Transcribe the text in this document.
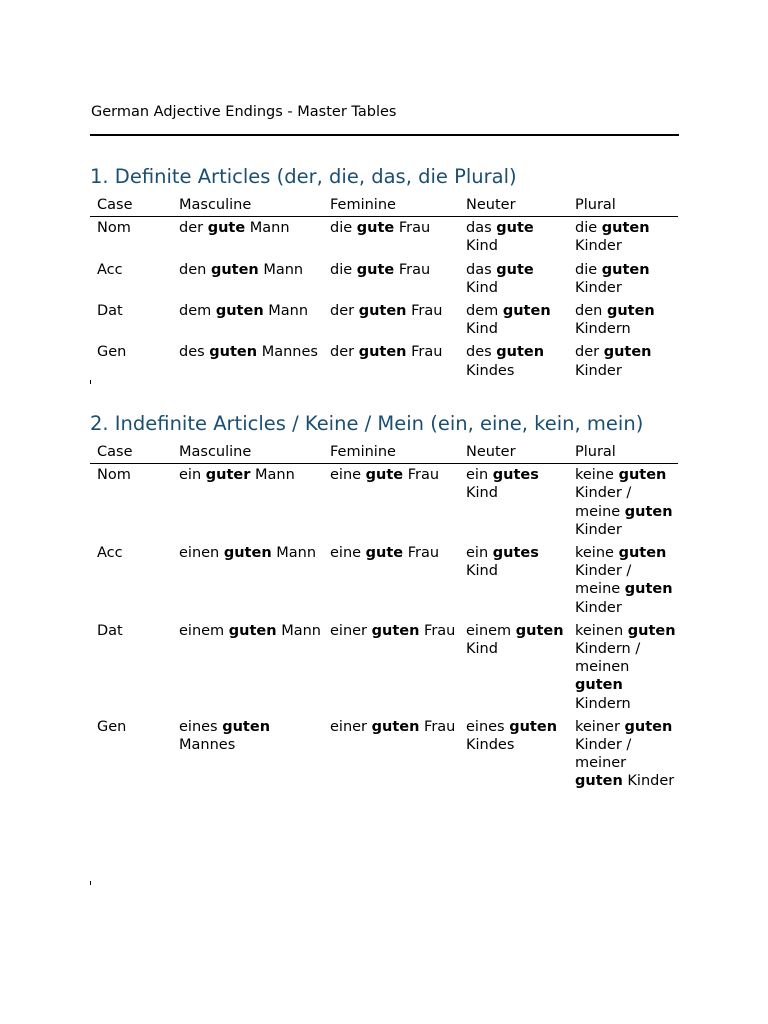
German Adjective Endings - Master Tables

1. Definite Articles (der, die, das, die Plural)
Case	Masculine	Feminine	Neuter	Plural
Nom	der gute Mann	die gute Frau	das gute Kind	die guten Kinder
Acc	den guten Mann	die gute Frau	das gute Kind	die guten Kinder
Dat	dem guten Mann	der guten Frau	dem guten Kind	den guten Kindern
Gen	des guten Mannes	der guten Frau	des guten Kindes	der guten Kinder
2. Indefinite Articles / Keine / Mein (ein, eine, kein, mein)
Case	Masculine	Feminine	Neuter	Plural
Nom	ein guter Mann	eine gute Frau	ein gutes Kind	keine guten Kinder / meine guten Kinder
Acc	einen guten Mann	eine gute Frau	ein gutes Kind	keine guten Kinder / meine guten Kinder
Dat	einem guten Mann	einer guten Frau	einem guten Kind	keinen guten Kindern / meinen guten Kindern
Gen	eines guten Mannes	einer guten Frau	eines guten Kindes	keiner guten Kinder / meiner guten Kinder
